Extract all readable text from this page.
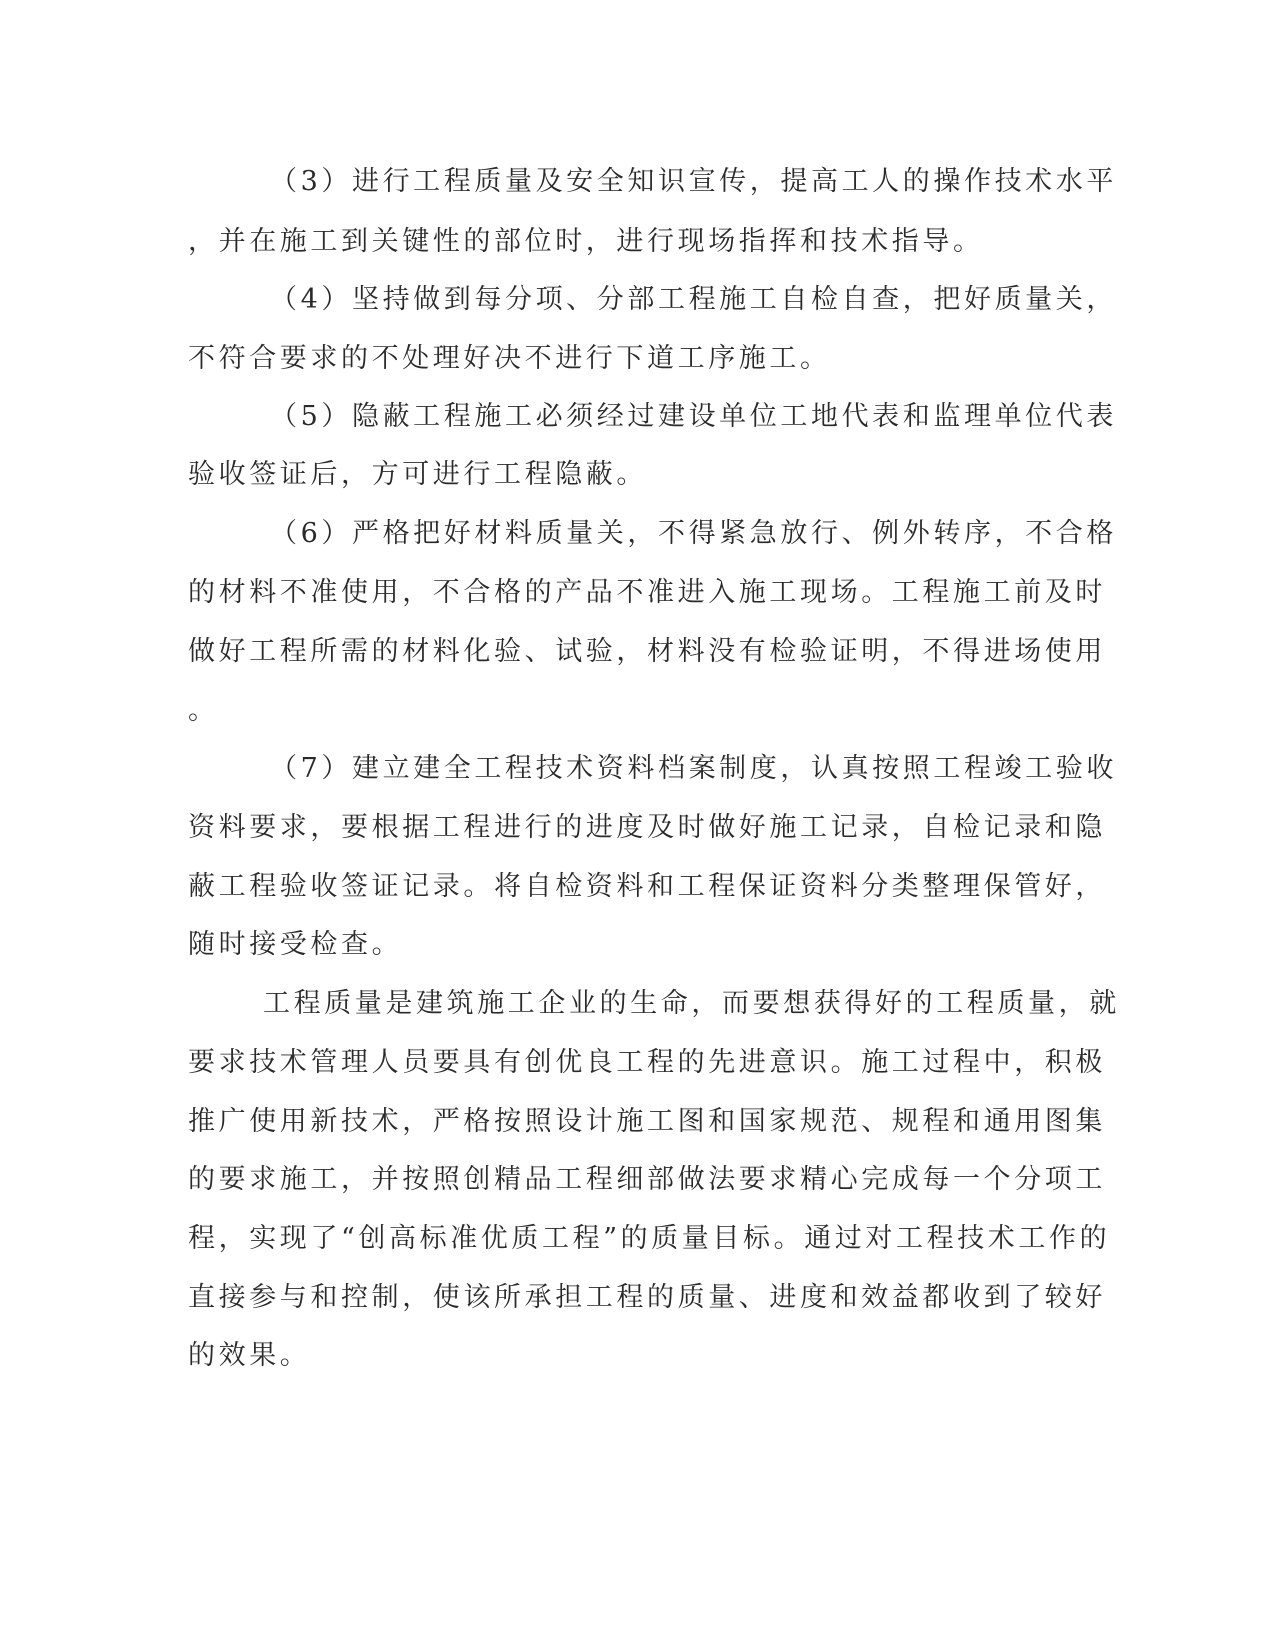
（3）进行工程质量及安全知识宣传，提高工人的操作技术水平
，并在施工到关键性的部位时，进行现场指挥和技术指导。
（4）坚持做到每分项、分部工程施工自检自查，把好质量关，
不符合要求的不处理好决不进行下道工序施工。
（5）隐蔽工程施工必须经过建设单位工地代表和监理单位代表
验收签证后，方可进行工程隐蔽。
（6）严格把好材料质量关，不得紧急放行、例外转序，不合格
的材料不准使用，不合格的产品不准进入施工现场。工程施工前及时
做好工程所需的材料化验、试验，材料没有检验证明，不得进场使用
。
（7）建立建全工程技术资料档案制度，认真按照工程竣工验收
资料要求，要根据工程进行的进度及时做好施工记录，自检记录和隐
蔽工程验收签证记录。将自检资料和工程保证资料分类整理保管好，
随时接受检查。
工程质量是建筑施工企业的生命，而要想获得好的工程质量，就
要求技术管理人员要具有创优良工程的先进意识。施工过程中，积极
推广使用新技术，严格按照设计施工图和国家规范、规程和通用图集
的要求施工，并按照创精品工程细部做法要求精心完成每一个分项工
程，实现了“创高标准优质工程”的质量目标。通过对工程技术工作的
直接参与和控制，使该所承担工程的质量、进度和效益都收到了较好
的效果。
